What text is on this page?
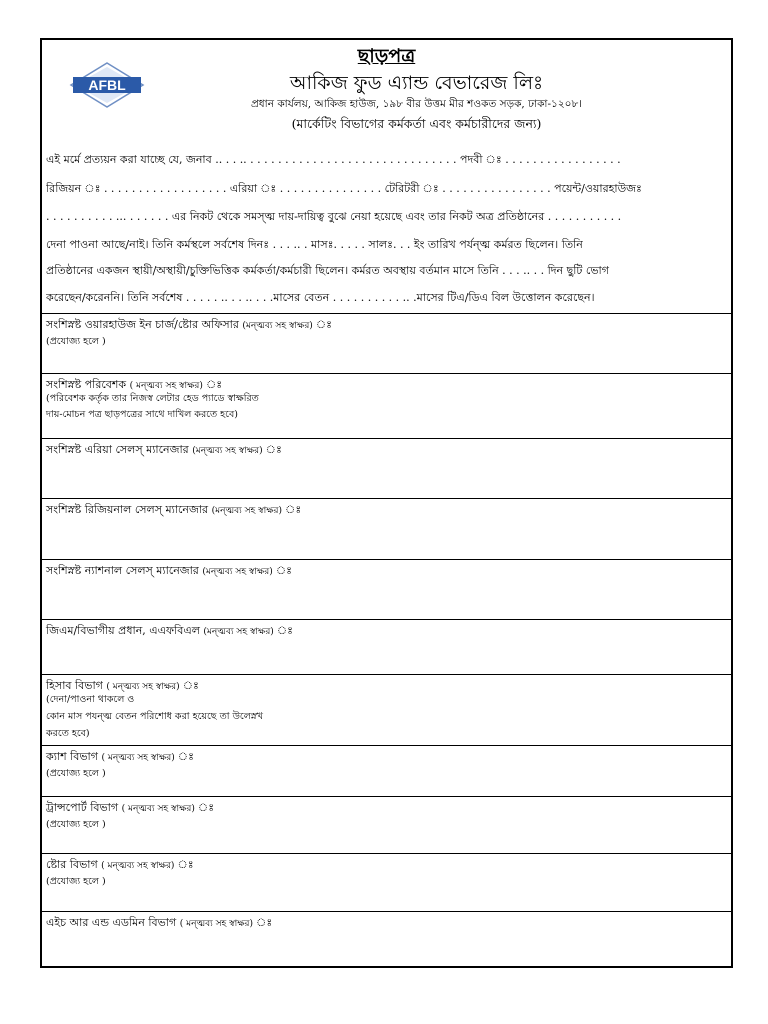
AFBL
ছাড়পত্র
আকিজ ফুড এ্যান্ড বেভারেজ লিঃ
প্রধান কার্যলয়, আকিজ হাউজ, ১৯৮ বীর উত্তম মীর শওকত সড়ক, ঢাকা-১২০৮।
(মার্কেটিং বিভাগের কর্মকর্তা এবং কর্মচারীদের জন্য)
এই মর্মে প্রত্যয়ন করা যাচ্ছে যে, জনাব .. . . .. . . . . . . . . . . . . . . . . . . . . . . . . . . . . . . পদবী ঃ . . . . . . . . . . . . . . . . .
রিজিয়ন ঃ . . . . . . . . . . . . . . . . . . এরিয়া ঃ . . . . . . . . . . . . . . . টেরিটরী ঃ . . . . . . . . . . . . . . . . পয়েন্ট/ওয়ারহাউজঃ
. . . . . . . . . . ... . . . . . . এর নিকট থেকে সমস্ত্ম দায়-দায়িত্ব বুঝে নেয়া হয়েছে এবং তার নিকট অত্র প্রতিষ্ঠানের . . . . . . . . . . .
দেনা পাওনা আছে/নাই। তিনি কর্মস্থলে সর্বশেষ দিনঃ . . . .. . মাসঃ. . . . . সালঃ. . . ইং তারিখ পর্যন্ত্ম কর্মরত ছিলেন। তিনি
প্রতিষ্ঠানের একজন স্থায়ী/অস্থায়ী/চুক্তিভিত্তিক কর্মকর্তা/কর্মচারী ছিলেন। কর্মরত অবস্থায় বর্তমান মাসে তিনি . . . .. . . দিন ছুটি ভোগ
করেছেন/করেননি। তিনি সর্বশেষ . . . . . .. . . .. . . .মাসের বেতন . . . . . . . . . . .. .মাসের টিএ/ডিএ বিল উত্তোলন করেছেন।
সংশিস্নষ্ট ওয়ারহাউজ ইন চার্জ/ষ্টোর অফিসার (মন্ত্মব্য সহ স্বাক্ষর) ঃ
(প্রযোজ্য হলে )
সংশিস্নষ্ট পরিবেশক ( মন্ত্মব্য সহ স্বাক্ষর) ঃ
(পরিবেশক কর্তৃক তার নিজস্ব লেটার হেড প্যাডে স্বাক্ষরিত
দায়-মোচন পত্র ছাড়পত্রের সাথে দাখিল করতে হবে)
সংশিস্নষ্ট এরিয়া সেলস্ ম্যানেজার (মন্ত্মব্য সহ স্বাক্ষর) ঃ
সংশিস্নষ্ট রিজিয়নাল সেলস্ ম্যানেজার (মন্ত্মব্য সহ স্বাক্ষর) ঃ
সংশিস্নষ্ট ন্যাশনাল সেলস্ ম্যানেজার (মন্ত্মব্য সহ স্বাক্ষর) ঃ
জিএম/বিভাগীয় প্রধান, এএফবিএল (মন্ত্মব্য সহ স্বাক্ষর) ঃ
হিসাব বিভাগ ( মন্ত্মব্য সহ স্বাক্ষর) ঃ
(দেনা/পাওনা থাকলে ও
কোন মাস পযন্ত্ম বেতন পরিশোধ করা হয়েছে তা উলেস্নখ
করতে হবে)
ক্যাশ বিভাগ ( মন্ত্মব্য সহ স্বাক্ষর) ঃ
(প্রযোজ্য হলে )
ট্রান্সপোর্ট বিভাগ ( মন্ত্মব্য সহ স্বাক্ষর) ঃ
(প্রযোজ্য হলে )
ষ্টোর বিভাগ ( মন্ত্মব্য সহ স্বাক্ষর) ঃ
(প্রযোজ্য হলে )
এইচ আর এন্ড এডমিন বিভাগ ( মন্ত্মব্য সহ স্বাক্ষর) ঃ
